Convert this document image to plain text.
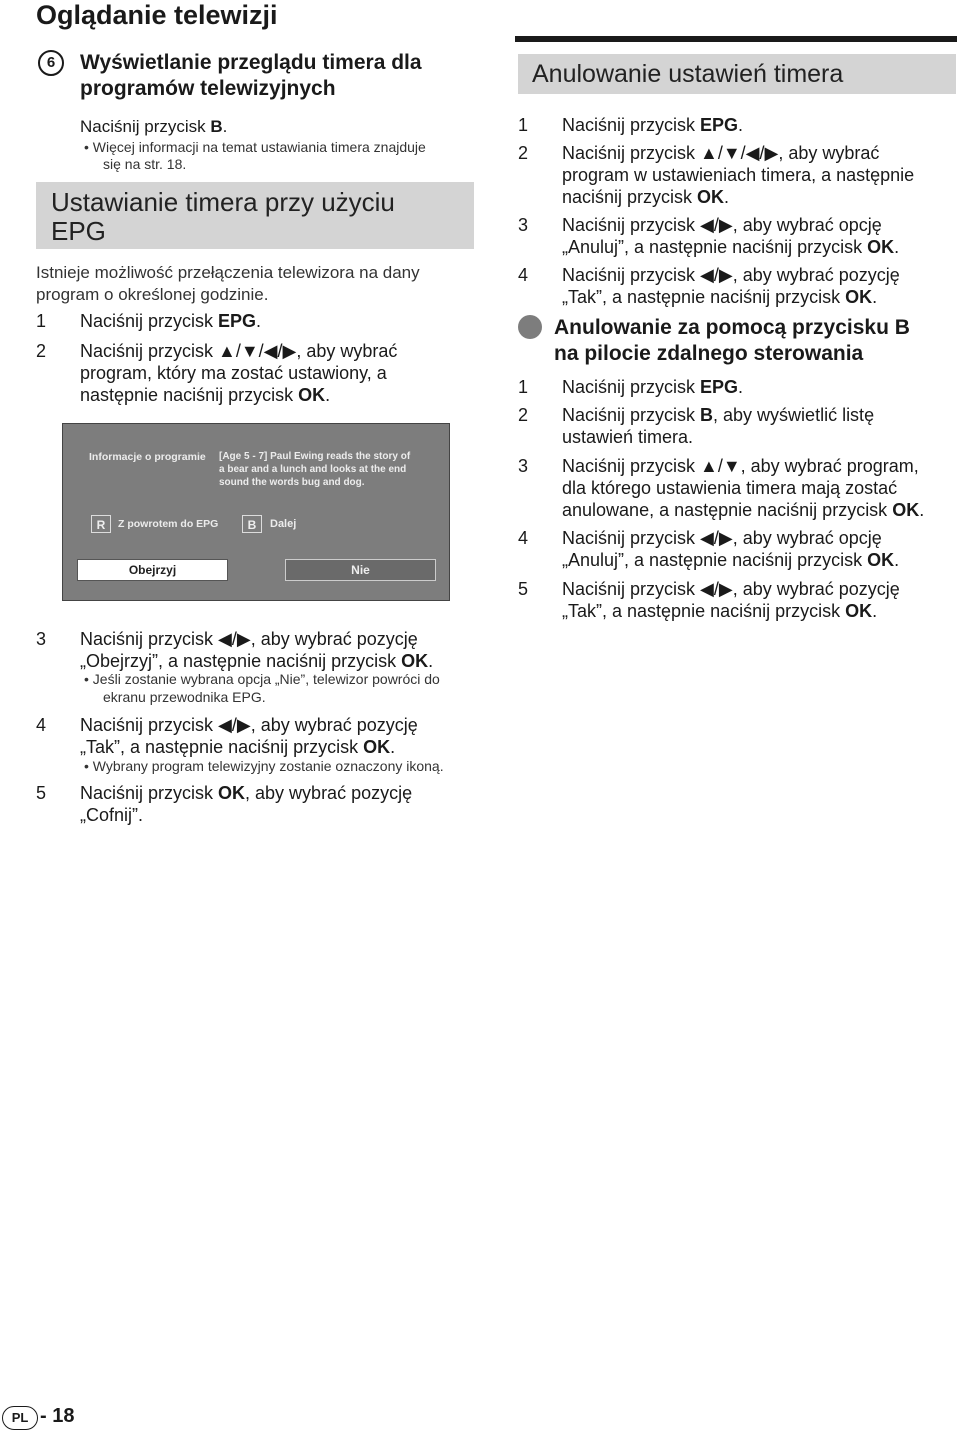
Oglądanie telewizji
6	Wyświetlanie przeglądu timera dla
programów telewizyjnych
Naciśnij przycisk B.
• Więcej informacji na temat ustawiania timera znajduje
się na str. 18.
Ustawianie timera przy użyciu
EPG
Istnieje możliwość przełączenia telewizora na dany
program o określonej godzinie.
1 Naciśnij przycisk EPG.
2 Naciśnij przycisk ▲/▼/◀/▶, aby wybrać
program, który ma zostać ustawiony, a
następnie naciśnij przycisk OK.
Informacje o programie [Age 5 - 7] Paul Ewing reads the story of
a bear and a lunch and looks at the end
sound the words bug and dog.
R	Z powrotem do EPG	B	Dalej
Obejrzyj	Nie
3 Naciśnij przycisk ◀/▶, aby wybrać pozycję
„Obejrzyj”, a następnie naciśnij przycisk OK.
• Jeśli zostanie wybrana opcja „Nie”, telewizor powróci do
ekranu przewodnika EPG.
4 Naciśnij przycisk ◀/▶, aby wybrać pozycję
„Tak”, a następnie naciśnij przycisk OK.
• Wybrany program telewizyjny zostanie oznaczony ikoną.
5 Naciśnij przycisk OK, aby wybrać pozycję
„Cofnij”.
Anulowanie ustawień timera
1 Naciśnij przycisk EPG.
2 Naciśnij przycisk ▲/▼/◀/▶, aby wybrać
program w ustawieniach timera, a następnie
naciśnij przycisk OK.
3 Naciśnij przycisk ◀/▶, aby wybrać opcję
„Anuluj”, a następnie naciśnij przycisk OK.
4 Naciśnij przycisk ◀/▶, aby wybrać pozycję
„Tak”, a następnie naciśnij przycisk OK.
Anulowanie za pomocą przycisku B
na pilocie zdalnego sterowania
1 Naciśnij przycisk EPG.
2 Naciśnij przycisk B, aby wyświetlić listę
ustawień timera.
3 Naciśnij przycisk ▲/▼, aby wybrać program,
dla którego ustawienia timera mają zostać
anulowane, a następnie naciśnij przycisk OK.
4 Naciśnij przycisk ◀/▶, aby wybrać opcję
„Anuluj”, a następnie naciśnij przycisk OK.
5 Naciśnij przycisk ◀/▶, aby wybrać pozycję
„Tak”, a następnie naciśnij przycisk OK.
PL - 18
